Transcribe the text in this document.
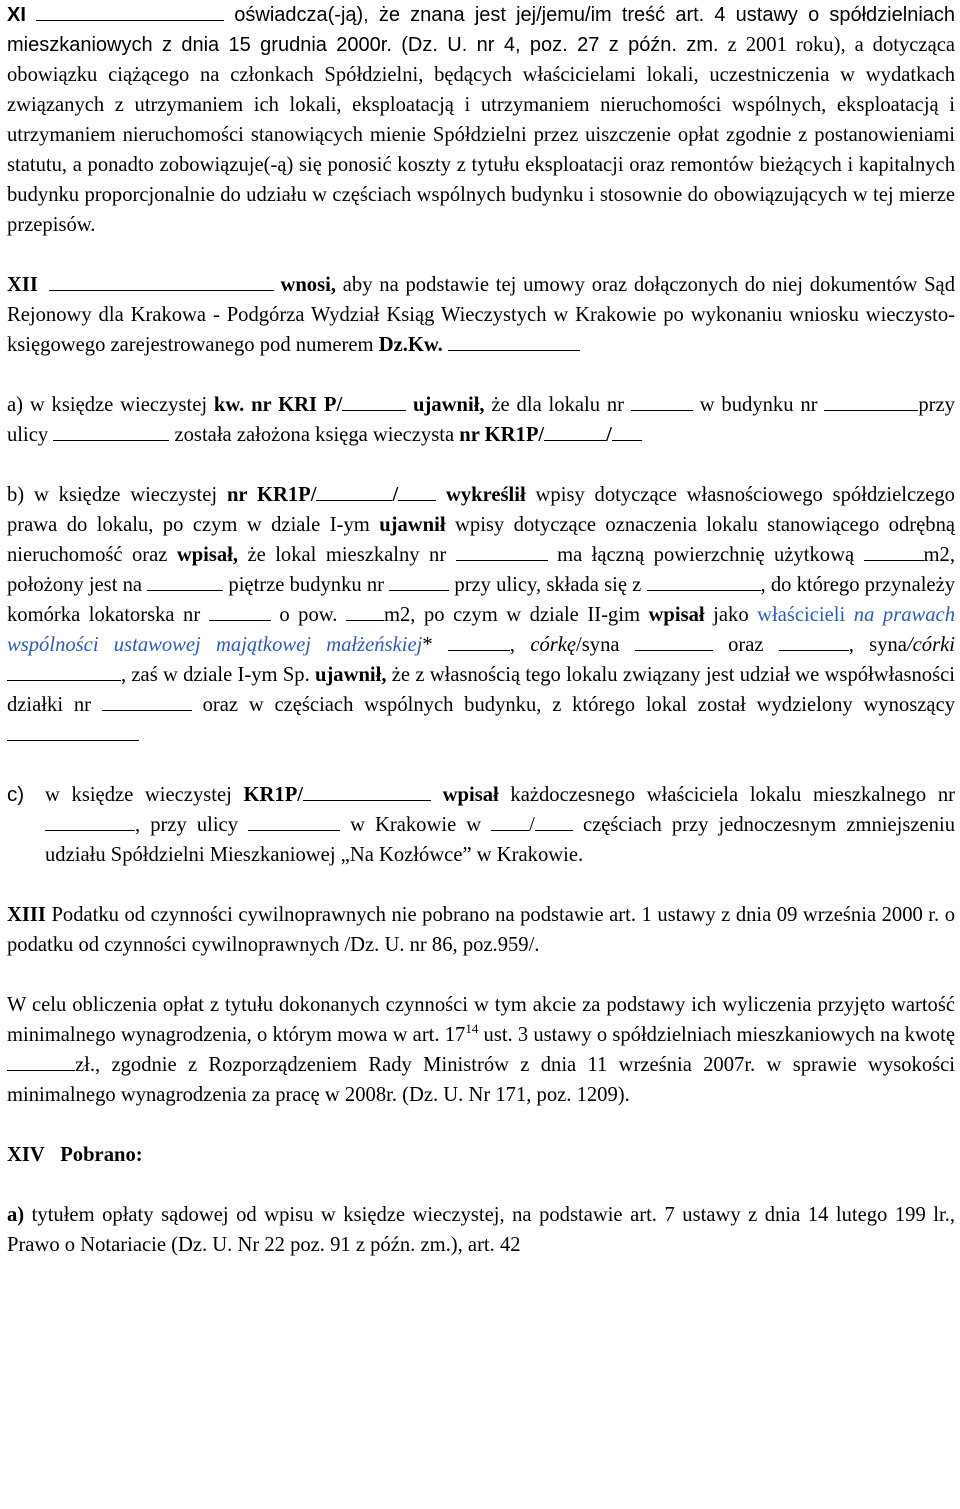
XI	oświadcza(-ją), że znana jest jej/jemu/im treść art. 4 ustawy o spółdzielniach mieszkaniowych z dnia 15 grudnia 2000r. (Dz. U. nr 4, poz. 27 z późn. zm. z 2001 roku), a dotycząca obowiązku ciążącego na członkach Spółdzielni, będących właścicielami lokali, uczestniczenia w wydatkach związanych z utrzymaniem ich lokali, eksploatacją i utrzymaniem nieruchomości wspólnych, eksploatacją i utrzymaniem nieruchomości stanowiących mienie Spółdzielni przez uiszczenie opłat zgodnie z postanowieniami statutu, a ponadto zobowiązuje(-ą) się ponosić koszty z tytułu eksploatacji oraz remontów bieżących i kapitalnych budynku proporcjonalnie do udziału w częściach wspólnych budynku i stosownie do obowiązujących w tej mierze przepisów.

XII	wnosi, aby na podstawie tej umowy oraz dołączonych do niej dokumentów Sąd Rejonowy dla Krakowa - Podgórza Wydział Ksiąg Wieczystych w Krakowie po wykonaniu wniosku wieczysto-księgowego zarejestrowanego pod numerem Dz.Kw.

a) w księdze wieczystej kw. nr KRI P/	ujawnił, że dla lokalu nr	w budynku nr	przy ulicy	została założona księga wieczysta nr KR1P/	/

b) w księdze wieczystej nr KR1P/	/ wykreślił wpisy dotyczące własnościowego spółdzielczego prawa do lokalu, po czym w dziale I-ym ujawnił wpisy dotyczące oznaczenia lokalu stanowiącego odrębną nieruchomość oraz wpisał, że lokal mieszkalny nr	ma łączną powierzchnię użytkową	m2, położony jest na	piętrze budynku nr	przy ulicy, składa się z	, do którego przynależy komórka lokatorska nr	o pow. m2, po czym w dziale II-gim wpisał jako właścicieli na prawach wspólności ustawowej majątkowej małżeńskiej*	, córkę/syna	oraz	, syna/córki , zaś w dziale I-ym Sp. ujawnił, że z własnością tego lokalu związany jest udział we współwłasności działki nr	oraz w częściach wspólnych budynku, z którego lokal został wydzielony wynoszący

c)	w księdze wieczystej KR1P/	wpisał każdoczesnego właściciela lokalu mieszkalnego nr , przy ulicy	w Krakowie w / częściach przy jednoczesnym zmniejszeniu udziału Spółdzielni Mieszkaniowej „Na Kozłówce” w Krakowie.

XIII Podatku od czynności cywilnoprawnych nie pobrano na podstawie art. 1 ustawy z dnia 09 września 2000 r. o podatku od czynności cywilnoprawnych /Dz. U. nr 86, poz.959/.

W celu obliczenia opłat z tytułu dokonanych czynności w tym akcie za podstawy ich wyliczenia przyjęto wartość minimalnego wynagrodzenia, o którym mowa w art. $17^{14}$ ust. 3 ustawy o spółdzielniach mieszkaniowych na kwotę zł., zgodnie z Rozporządzeniem Rady Ministrów z dnia 11 września 2007r. w sprawie wysokości minimalnego wynagrodzenia za pracę w 2008r. (Dz. U. Nr 171, poz. 1209).

XIV Pobrano:

a) tytułem opłaty sądowej od wpisu w księdze wieczystej, na podstawie art. 7 ustawy z dnia 14 lutego 199 lr., Prawo o Notariacie (Dz. U. Nr 22 poz. 91 z późn. zm.), art. 42
